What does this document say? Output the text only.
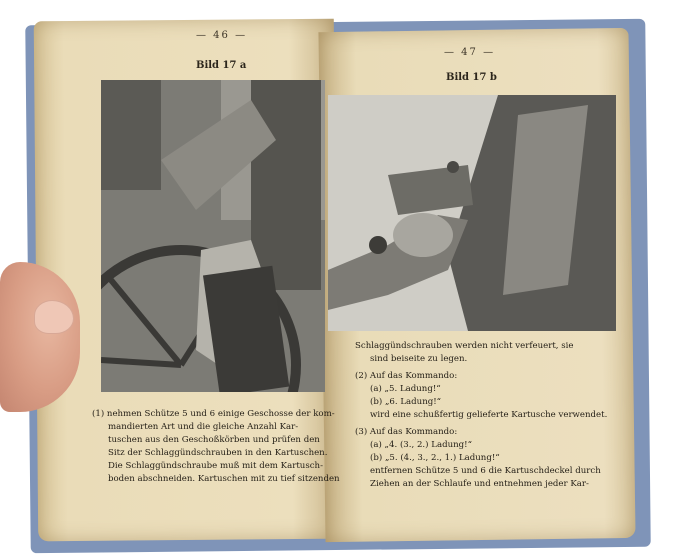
— 46 —
Bild 17 a
(1) nehmen Schütze 5 und 6 einige Geschosse der kom-
mandierten Art und die gleiche Anzahl Kar-
tuschen aus den Geschoßkörben und prüfen den
Sitz der Schlaggündschrauben in den Kartuschen.
Die Schlaggündschraube muß mit dem Kartusch-
boden abschneiden. Kartuschen mit zu tief sitzenden
— 47 —
Bild 17 b
Schlaggündschrauben werden nicht verfeuert, sie
sind beiseite zu legen.
(2) Auf das Kommando:
(a) „5. Ladung!“
(b) „6. Ladung!“
wird eine schußfertig gelieferte Kartusche verwendet.
(3) Auf das Kommando:
(a) „4. (3., 2.) Ladung!“
(b) „5. (4., 3., 2., 1.) Ladung!“
entfernen Schütze 5 und 6 die Kartuschdeckel durch
Ziehen an der Schlaufe und entnehmen jeder Kar-
